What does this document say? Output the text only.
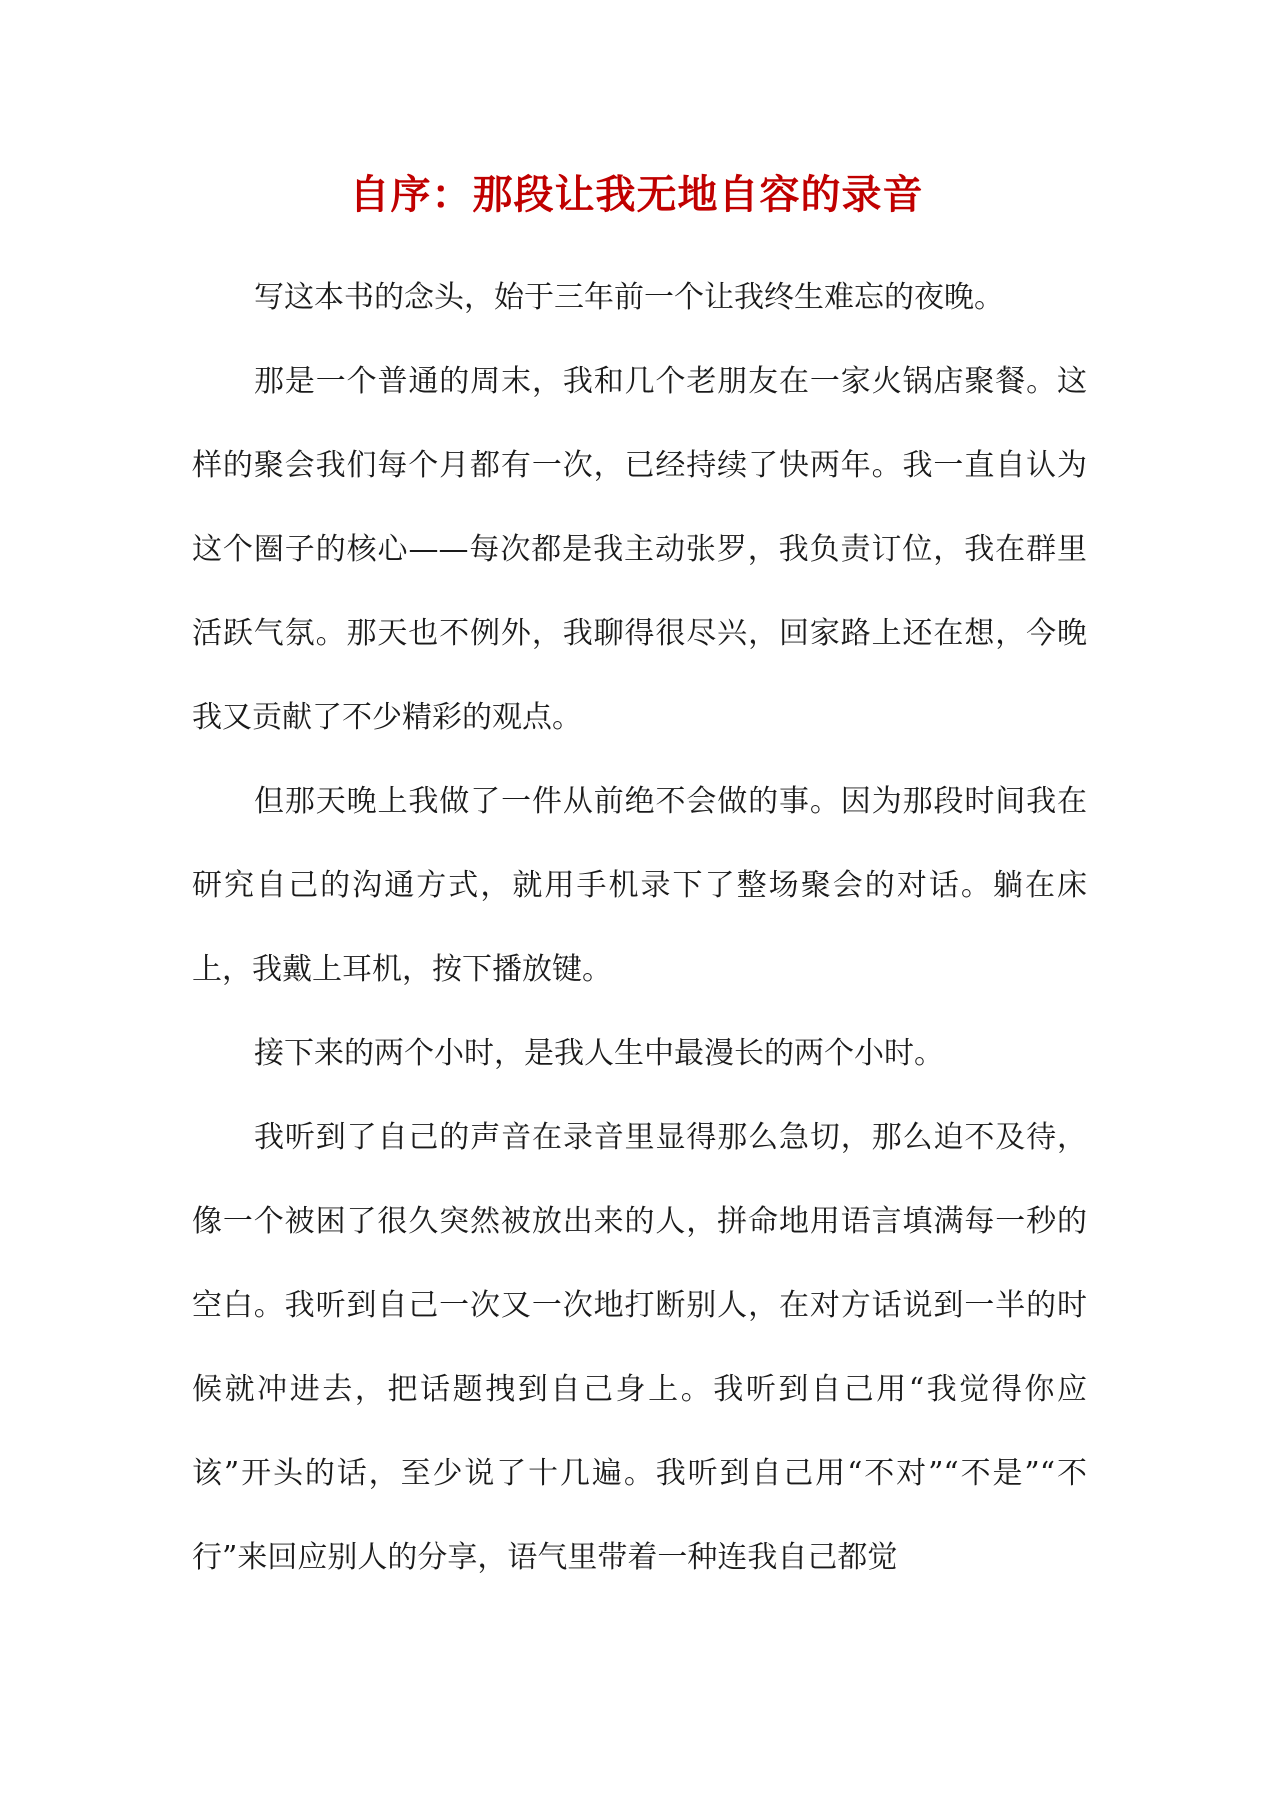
自序：那段让我无地自容的录音

写这本书的念头，始于三年前一个让我终生难忘的夜晚。

那是一个普通的周末，我和几个老朋友在一家火锅店聚餐。这样的聚会我们每个月都有一次，已经持续了快两年。我一直自认为这个圈子的核心——每次都是我主动张罗，我负责订位，我在群里活跃气氛。那天也不例外，我聊得很尽兴，回家路上还在想，今晚我又贡献了不少精彩的观点。

但那天晚上我做了一件从前绝不会做的事。因为那段时间我在研究自己的沟通方式，就用手机录下了整场聚会的对话。躺在床上，我戴上耳机，按下播放键。

接下来的两个小时，是我人生中最漫长的两个小时。

我听到了自己的声音在录音里显得那么急切，那么迫不及待，像一个被困了很久突然被放出来的人，拼命地用语言填满每一秒的空白。我听到自己一次又一次地打断别人，在对方话说到一半的时候就冲进去，把话题拽到自己身上。我听到自己用“我觉得你应该”开头的话，至少说了十几遍。我听到自己用“不对”“不是”“不行”来回应别人的分享，语气里带着一种连我自己都觉
